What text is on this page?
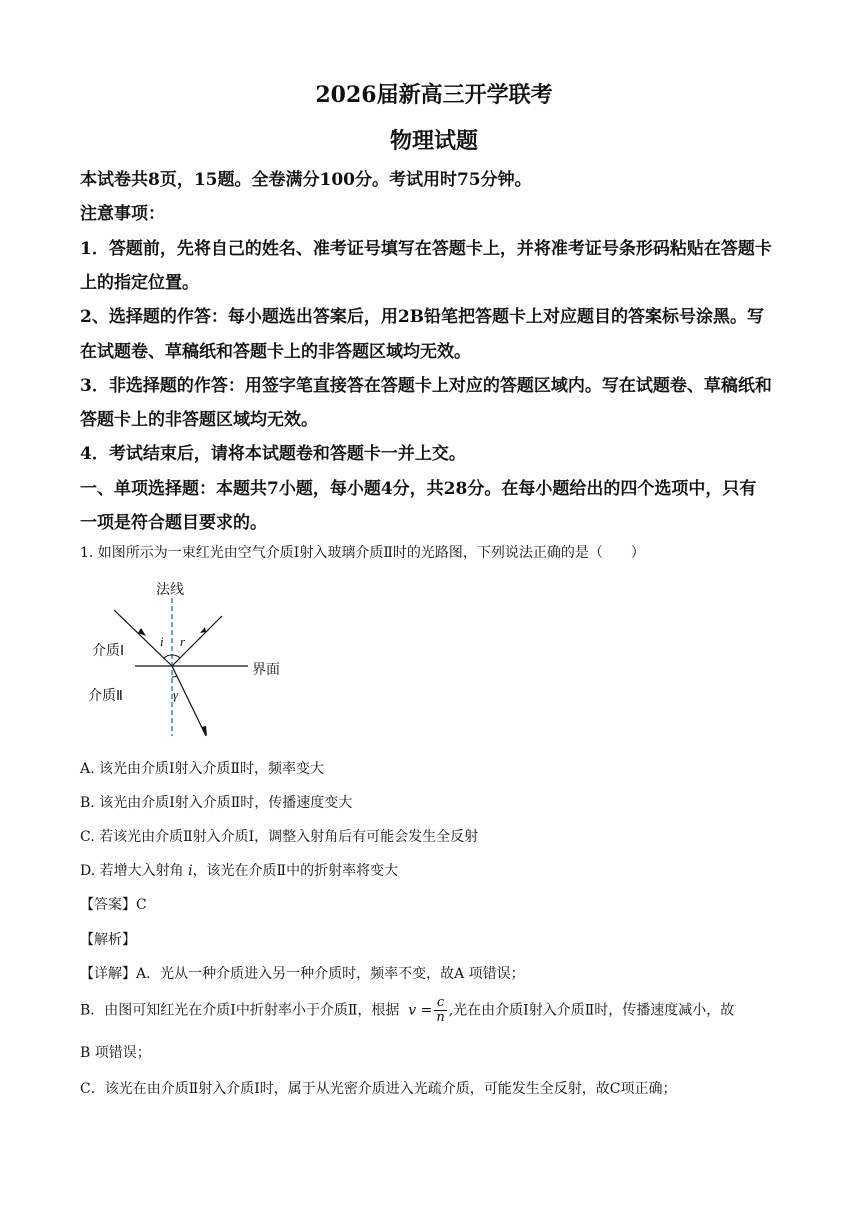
2026届新高三开学联考
物理试题
本试卷共8页，15题。全卷满分100分。考试用时75分钟。
注意事项：
1．答题前，先将自己的姓名、准考证号填写在答题卡上，并将准考证号条形码粘贴在答题卡
上的指定位置。
2、选择题的作答：每小题选出答案后，用2B铅笔把答题卡上对应题目的答案标号涂黑。写
在试题卷、草稿纸和答题卡上的非答题区域均无效。
3．非选择题的作答：用签字笔直接答在答题卡上对应的答题区域内。写在试题卷、草稿纸和
答题卡上的非答题区域均无效。
4．考试结束后，请将本试题卷和答题卡一并上交。
一、单项选择题：本题共7小题，每小题4分，共28分。在每小题给出的四个选项中，只有
一项是符合题目要求的。
1. 如图所示为一束红光由空气介质Ⅰ射入玻璃介质Ⅱ时的光路图，下列说法正确的是（　　）
法线
界面
介质Ⅰ
介质Ⅱ
i r
γ
A. 该光由介质Ⅰ射入介质Ⅱ时，频率变大
B. 该光由介质Ⅰ射入介质Ⅱ时，传播速度变大
C. 若该光由介质Ⅱ射入介质Ⅰ，调整入射角后有可能会发生全反射
D. 若增大入射角 i，该光在介质Ⅱ中的折射率将变大
【答案】C
【解析】
【详解】A．光从一种介质进入另一种介质时，频率不变，故A 项错误；
B．由图可知红光在介质Ⅰ中折射率小于介质Ⅱ，根据 $v = \frac{c}{n}$ ,光在由介质Ⅰ射入介质Ⅱ时，传播速度减小，故
B 项错误；
C．该光在由介质Ⅱ射入介质Ⅰ时，属于从光密介质进入光疏介质，可能发生全反射，故C项正确；
